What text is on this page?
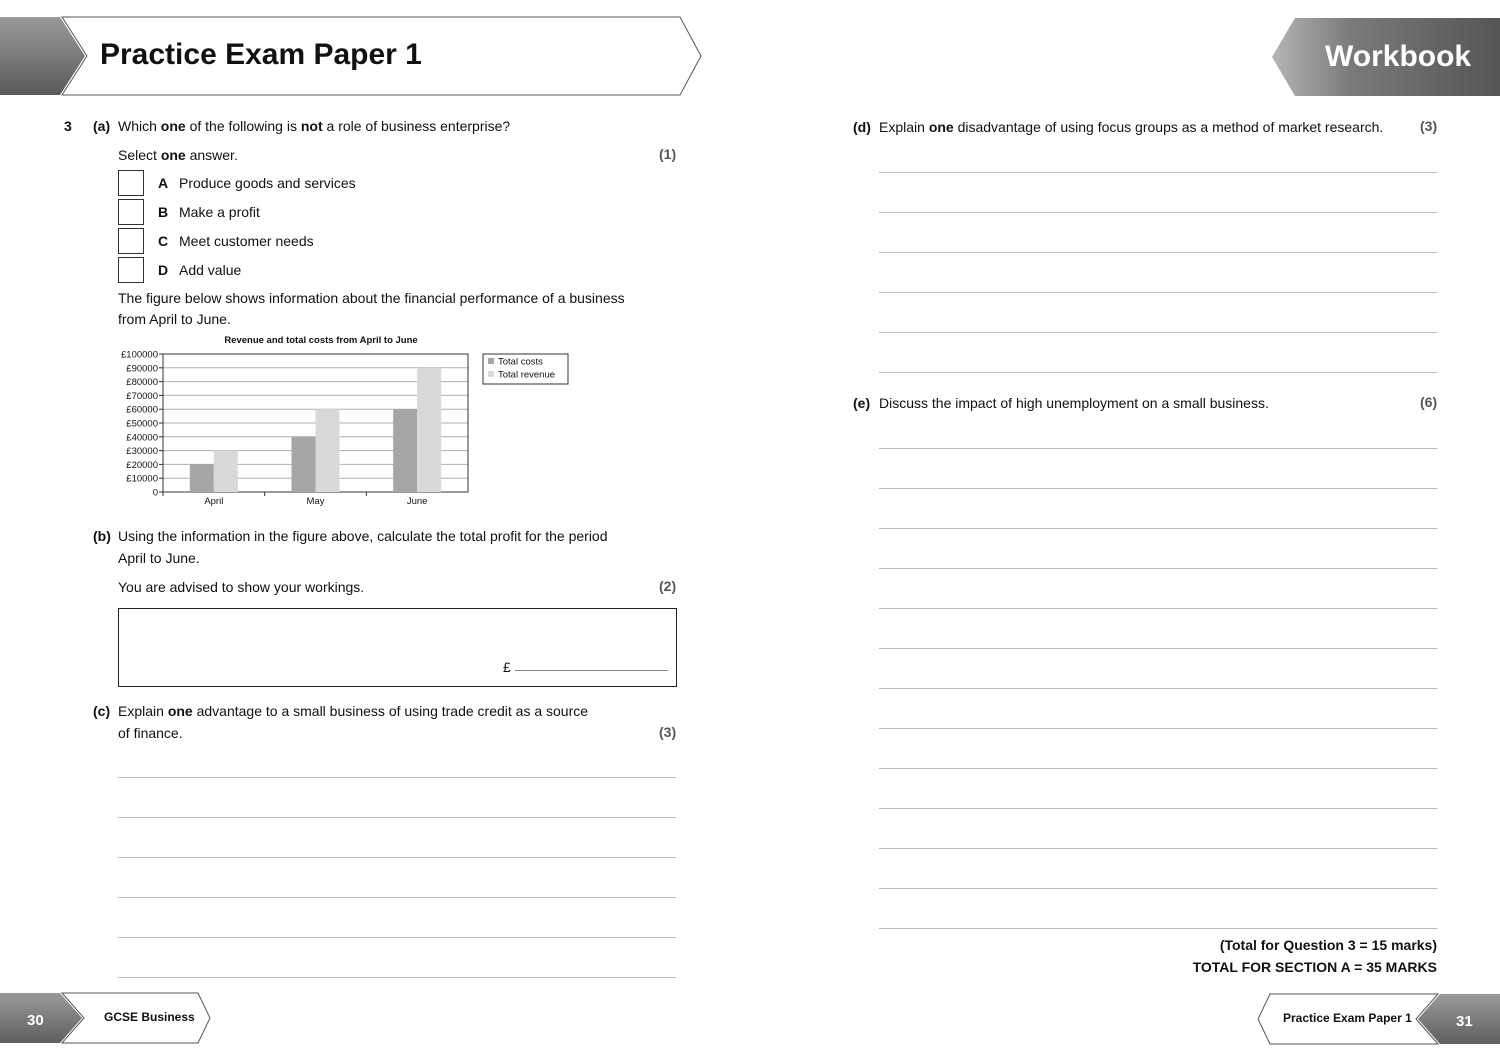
Practice Exam Paper 1	Workbook
3 (a) Which one of the following is not a role of business enterprise?
Select one answer.	(1)
A Produce goods and services
B Make a profit
C Meet customer needs
D Add value
The figure below shows information about the financial performance of a business
from April to June.
Revenue and total costs from April to June
0
£10000
£20000
£30000
£40000
£50000
£60000
£70000
£80000
£90000
£100000
April	May	June
Total costs
Total revenue
(b) Using the information in the figure above, calculate the total profit for the period
April to June.
You are advised to show your workings.	(2)
£
(c) Explain one advantage to a small business of using trade credit as a source
of finance.	(3)
(d) Explain one disadvantage of using focus groups as a method of market research.	(3)
(e) Discuss the impact of high unemployment on a small business.	(6)
(Total for Question 3 = 15 marks)
TOTAL FOR SECTION A = 35 MARKS
30	GCSE Business	Practice Exam Paper 1	31
